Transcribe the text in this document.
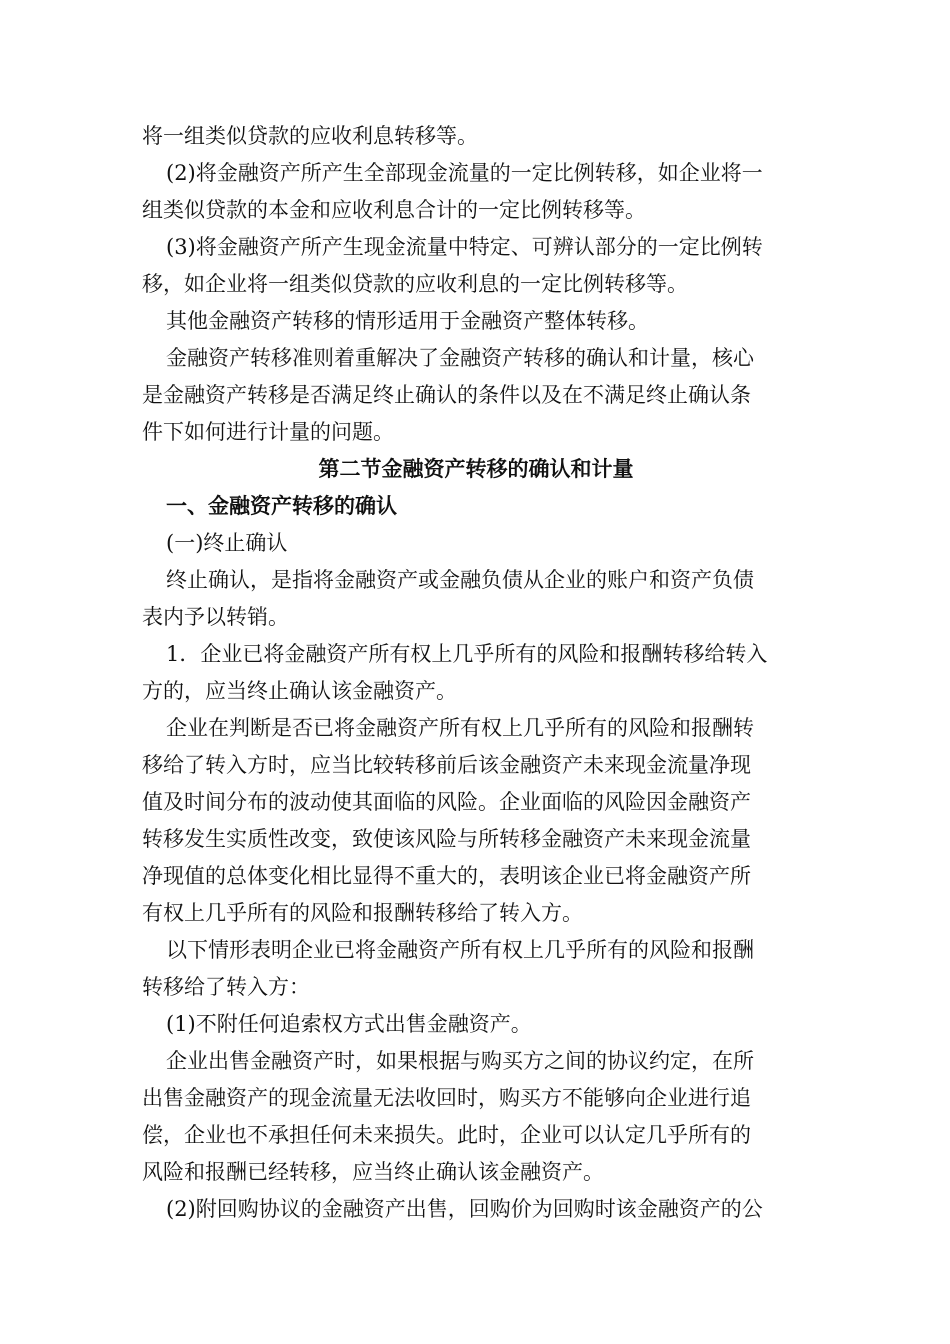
将一组类似贷款的应收利息转移等。
(2)将金融资产所产生全部现金流量的一定比例转移，如企业将一
组类似贷款的本金和应收利息合计的一定比例转移等。
(3)将金融资产所产生现金流量中特定、可辨认部分的一定比例转
移，如企业将一组类似贷款的应收利息的一定比例转移等。
其他金融资产转移的情形适用于金融资产整体转移。
金融资产转移准则着重解决了金融资产转移的确认和计量，核心
是金融资产转移是否满足终止确认的条件以及在不满足终止确认条
件下如何进行计量的问题。
第二节金融资产转移的确认和计量
一、金融资产转移的确认
(一)终止确认
终止确认，是指将金融资产或金融负债从企业的账户和资产负债
表内予以转销。
1．企业已将金融资产所有权上几乎所有的风险和报酬转移给转入
方的，应当终止确认该金融资产。
企业在判断是否已将金融资产所有权上几乎所有的风险和报酬转
移给了转入方时，应当比较转移前后该金融资产未来现金流量净现
值及时间分布的波动使其面临的风险。企业面临的风险因金融资产
转移发生实质性改变，致使该风险与所转移金融资产未来现金流量
净现值的总体变化相比显得不重大的，表明该企业已将金融资产所
有权上几乎所有的风险和报酬转移给了转入方。
以下情形表明企业已将金融资产所有权上几乎所有的风险和报酬
转移给了转入方：
(1)不附任何追索权方式出售金融资产。
企业出售金融资产时，如果根据与购买方之间的协议约定，在所
出售金融资产的现金流量无法收回时，购买方不能够向企业进行追
偿，企业也不承担任何未来损失。此时，企业可以认定几乎所有的
风险和报酬已经转移，应当终止确认该金融资产。
(2)附回购协议的金融资产出售，回购价为回购时该金融资产的公
